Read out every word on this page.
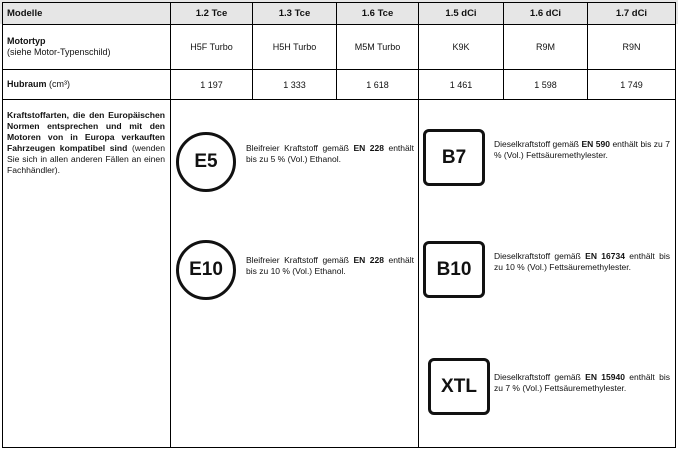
Modelle	1.2 Tce	1.3 Tce	1.6 Tce	1.5 dCi	1.6 dCi	1.7 dCi
Motortyp
(siehe Motor-Typenschild)	H5F Turbo	H5H Turbo	M5M Turbo	K9K	R9M	R9N
Hubraum (cm³)	1 197	1 333	1 618	1 461	1 598	1 749
Kraftstoffarten, die den Europäischen Normen entsprechen und mit den Motoren von in Europa verkauften Fahrzeugen kompatibel sind (wenden Sie sich in allen anderen Fällen an einen Fachhändler).	E5
Bleifreier Kraftstoff gemäß EN 228 enthält bis zu 5 % (Vol.) Ethanol.
E10	Bleifreier Kraftstoff gemäß EN 228 enthält bis zu 10 % (Vol.) Ethanol.
B7
Dieselkraftstoff gemäß EN 590 enthält bis zu 7 % (Vol.) Fettsäuremethylester.
B10
Dieselkraftstoff gemäß EN 16734 enthält bis zu 10 % (Vol.) Fettsäuremethylester.
XTL Dieselkraftstoff gemäß EN 15940 enthält bis zu 7 % (Vol.) Fettsäuremethylester.
